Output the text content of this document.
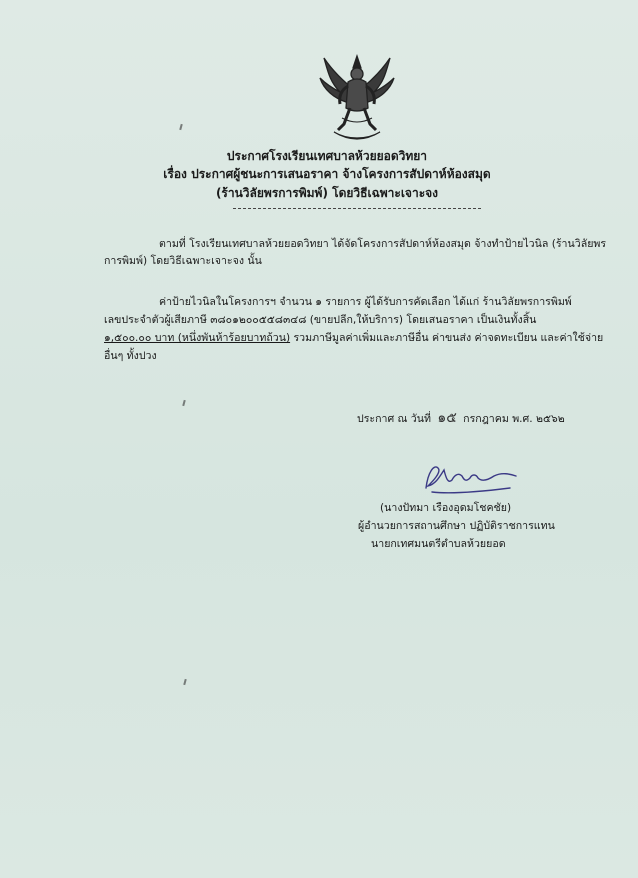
ประกาศโรงเรียนเทศบาลห้วยยอดวิทยา
เรื่อง ประกาศผู้ชนะการเสนอราคา จ้างโครงการสัปดาห์ห้องสมุด
(ร้านวิลัยพรการพิมพ์) โดยวิธีเฉพาะเจาะจง
ตามที่ โรงเรียนเทศบาลห้วยยอดวิทยา ได้จัดโครงการสัปดาห์ห้องสมุด จ้างทำป้ายไวนิล (ร้านวิลัยพร
การพิมพ์) โดยวิธีเฉพาะเจาะจง นั้น
ค่าป้ายไวนิลในโครงการฯ จำนวน ๑ รายการ ผู้ได้รับการคัดเลือก ได้แก่ ร้านวิลัยพรการพิมพ์
เลขประจำตัวผู้เสียภาษี ๓๘๐๑๒๐๐๕๕๘๓๔๘ (ขายปลีก,ให้บริการ) โดยเสนอราคา เป็นเงินทั้งสิ้น
๑,๕๐๐.๐๐ บาท (หนึ่งพันห้าร้อยบาทถ้วน) รวมภาษีมูลค่าเพิ่มและภาษีอื่น ค่าขนส่ง ค่าจดทะเบียน และค่าใช้จ่าย
อื่นๆ ทั้งปวง
ประกาศ ณ วันที่ ๑๕ กรกฎาคม พ.ศ. ๒๕๖๒
(นางปัทมา เรืองอุดมโชคชัย)
ผู้อำนวยการสถานศึกษา ปฏิบัติราชการแทน
นายกเทศมนตรีตำบลห้วยยอด
